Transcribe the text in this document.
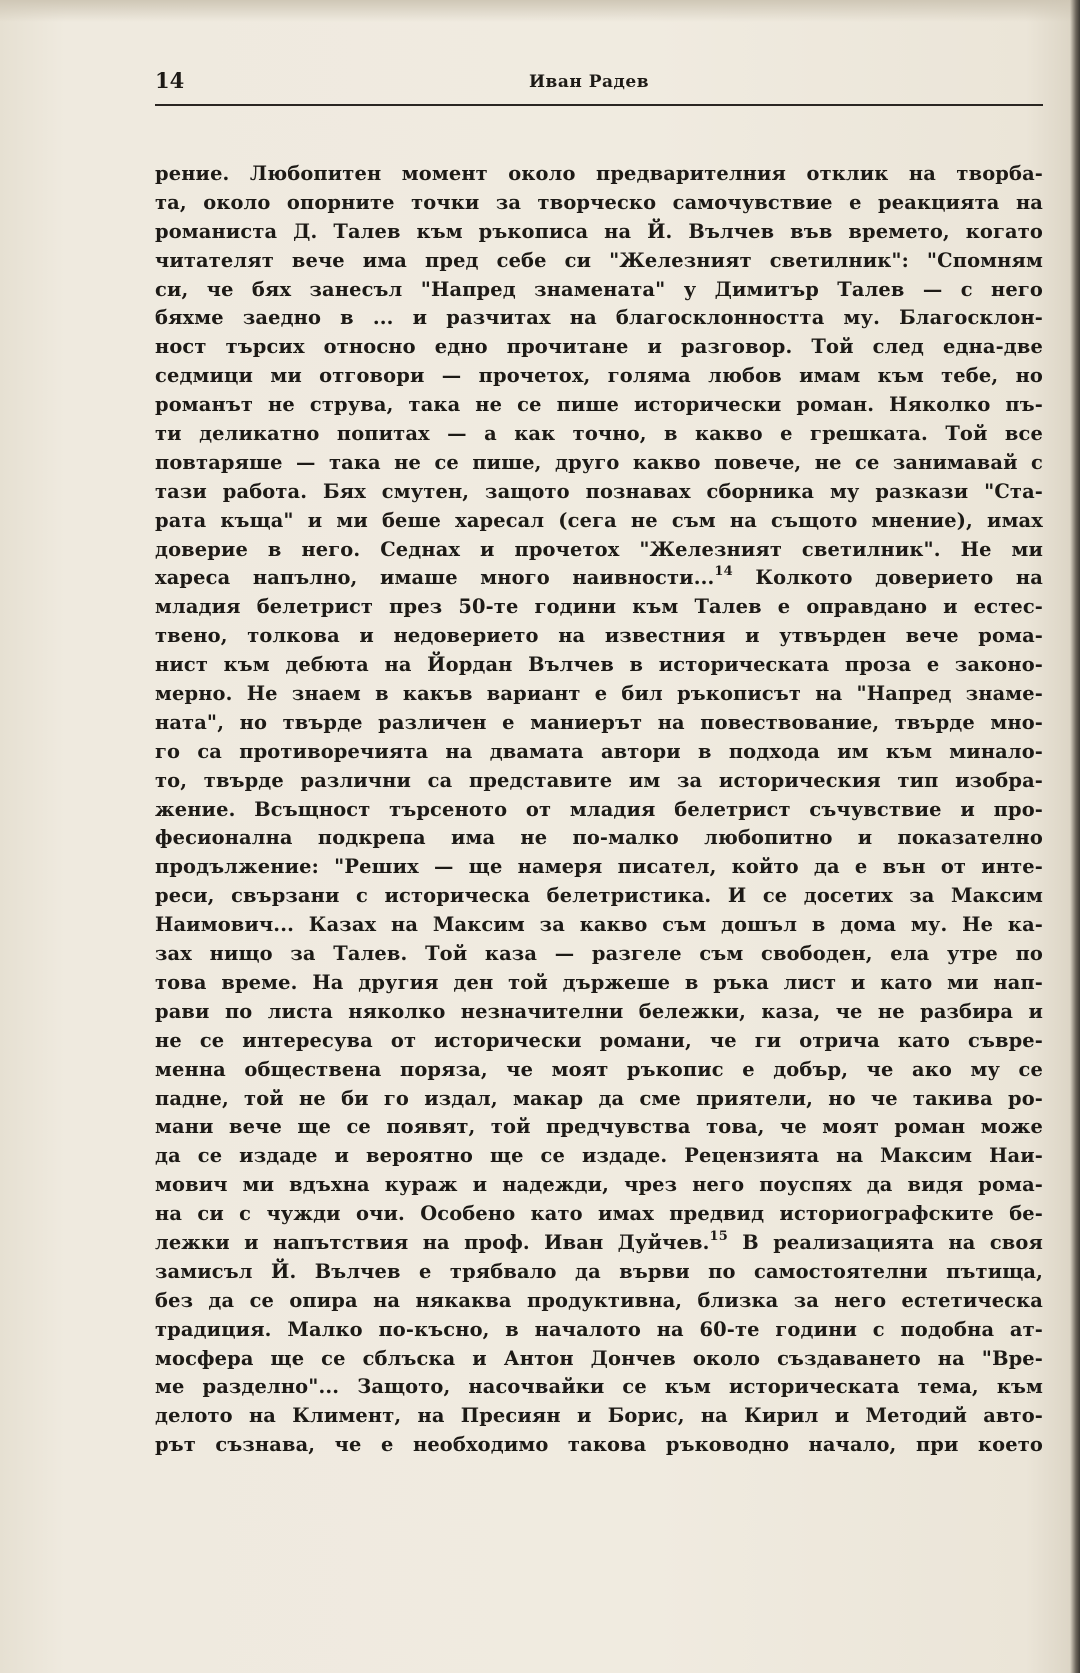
14	Иван Радев
рение. Любопитен момент около предварителния отклик на творба-
та, около опорните точки за творческо самочувствие е реакцията на
романиста Д. Талев към ръкописа на Й. Вълчев във времето, когато
читателят вече има пред себе си "Железният светилник": "Спомням
си, че бях занесъл "Напред знамената" у Димитър Талев — с него
бяхме заедно в ... и разчитах на благосклонността му. Благосклон-
ност търсих относно едно прочитане и разговор. Той след една-две
седмици ми отговори — прочетох, голяма любов имам към тебе, но
романът не струва, така не се пише исторически роман. Няколко пъ-
ти деликатно попитах — а как точно, в какво е грешката. Той все
повтаряше — така не се пише, друго какво повече, не се занимавай с
тази работа. Бях смутен, защото познавах сборника му разкази "Ста-
рата къща" и ми беше харесал (сега не съм на същото мнение), имах
доверие в него. Седнах и прочетох "Железният светилник". Не ми
хареса напълно, имаше много наивности...$^{14}$ Колкото доверието на
младия белетрист през 50-те години към Талев е оправдано и естес-
твено, толкова и недоверието на известния и утвърден вече рома-
нист към дебюта на Йордан Вълчев в историческата проза е законо-
мерно. Не знаем в какъв вариант е бил ръкописът на "Напред знаме-
ната", но твърде различен е маниерът на повествование, твърде мно-
го са противоречията на двамата автори в подхода им към минало-
то, твърде различни са представите им за историческия тип изобра-
жение. Всъщност търсеното от младия белетрист съчувствие и про-
фесионална подкрепа има не по-малко любопитно и показателно
продължение: "Реших — ще намеря писател, който да е вън от инте-
реси, свързани с историческа белетристика. И се досетих за Максим
Наимович... Казах на Максим за какво съм дошъл в дома му. Не ка-
зах нищо за Талев. Той каза — разгеле съм свободен, ела утре по
това време. На другия ден той държеше в ръка лист и като ми нап-
рави по листа няколко незначителни бележки, каза, че не разбира и
не се интересува от исторически романи, че ги отрича като съвре-
менна обществена поряза, че моят ръкопис е добър, че ако му се
падне, той не би го издал, макар да сме приятели, но че такива ро-
мани вече ще се появят, той предчувства това, че моят роман може
да се издаде и вероятно ще се издаде. Рецензията на Максим Наи-
мович ми вдъхна кураж и надежди, чрез него поуспях да видя рома-
на си с чужди очи. Особено като имах предвид историографските бе-
лежки и напътствия на проф. Иван Дуйчев.$^{15}$ В реализацията на своя
замисъл Й. Вълчев е трябвало да върви по самостоятелни пътища,
без да се опира на някаква продуктивна, близка за него естетическа
традиция. Малко по-късно, в началото на 60-те години с подобна ат-
мосфера ще се сблъска и Антон Дончев около създаването на "Вре-
ме разделно"... Защото, насочвайки се към историческата тема, към
делото на Климент, на Пресиян и Борис, на Кирил и Методий авто-
рът съзнава, че е необходимо такова ръководно начало, при което
